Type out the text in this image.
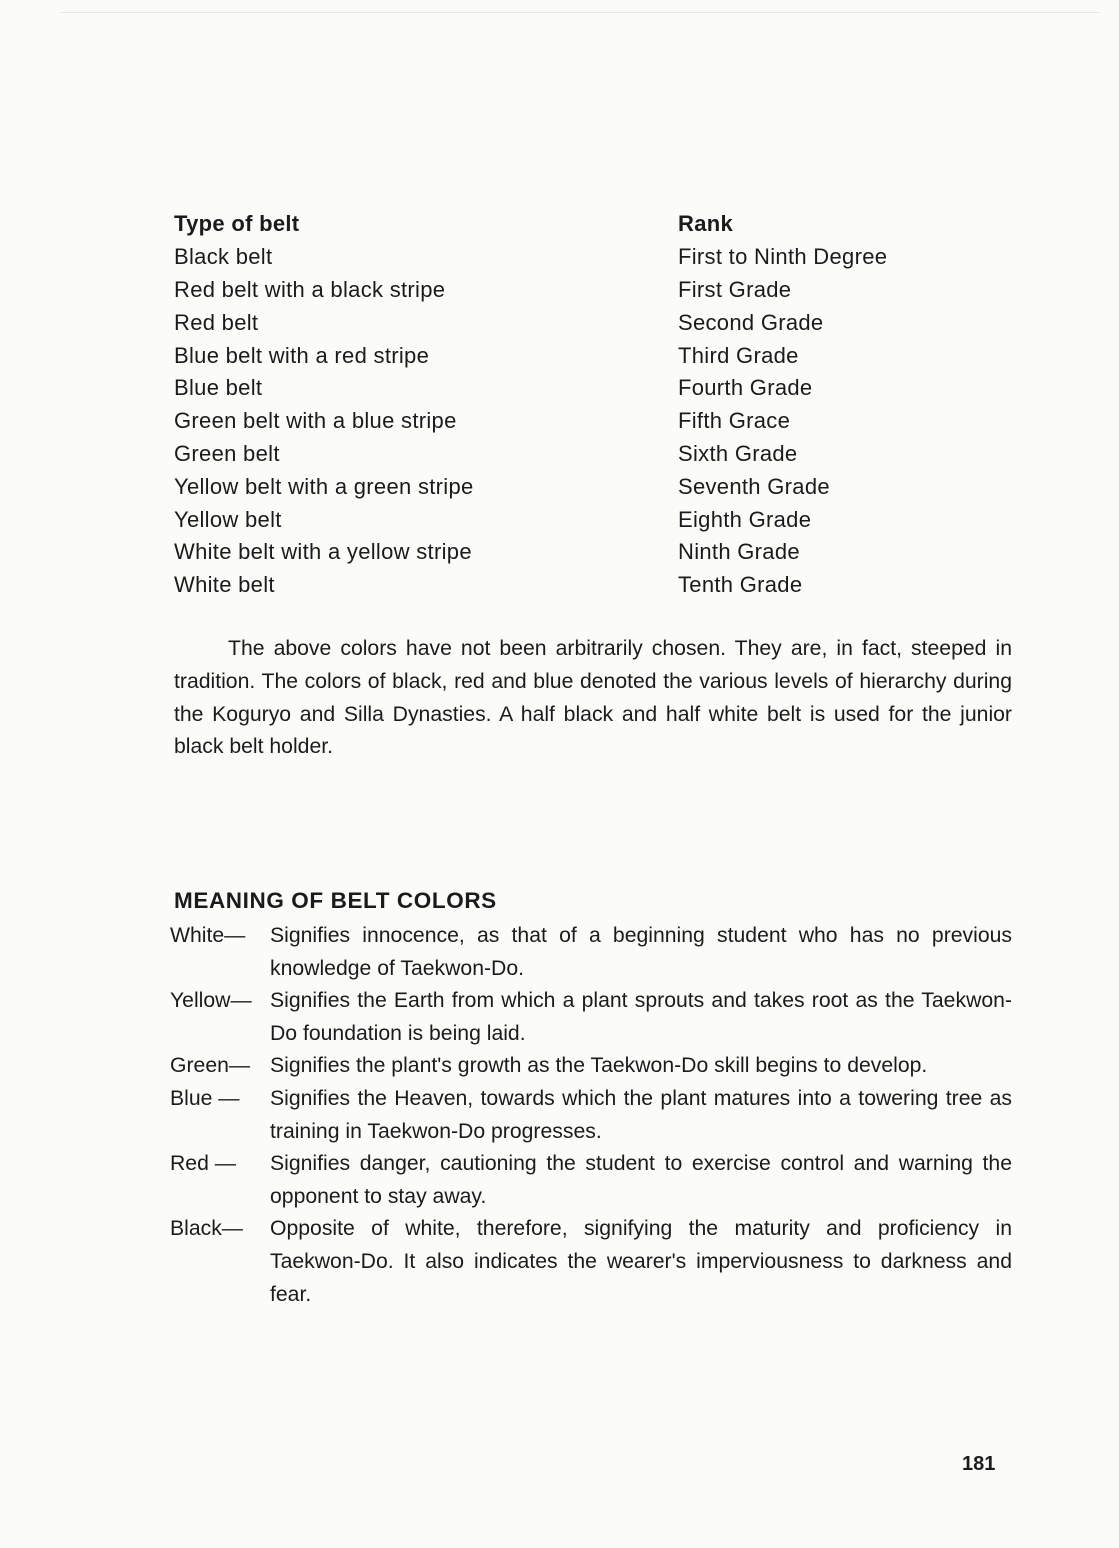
Type of belt	Rank
Black belt	First to Ninth Degree
Red belt with a black stripe	First Grade
Red belt	Second Grade
Blue belt with a red stripe	Third Grade
Blue belt	Fourth Grade
Green belt with a blue stripe	Fifth Grace
Green belt	Sixth Grade
Yellow belt with a green stripe	Seventh Grade
Yellow belt	Eighth Grade
White belt with a yellow stripe	Ninth Grade
White belt	Tenth Grade

The above colors have not been arbitrarily chosen. They are, in fact, steeped in tradition. The colors of black, red and blue denoted the various levels of hierarchy during the Koguryo and Silla Dynasties. A half black and half white belt is used for the junior black belt holder.

MEANING OF BELT COLORS
White—	Signifies innocence, as that of a beginning student who has no previous knowledge of Taekwon-Do.
Yellow— Signifies the Earth from which a plant sprouts and takes root as the Taekwon-Do foundation is being laid.
Green— Signifies the plant's growth as the Taekwon-Do skill begins to develop.
Blue —	Signifies the Heaven, towards which the plant matures into a towering tree as training in Taekwon-Do progresses.
Red —	Signifies danger, cautioning the student to exercise control and warning the opponent to stay away.
Black—	Opposite of white, therefore, signifying the maturity and proficiency in Taekwon-Do. It also indicates the wearer's imperviousness to darkness and fear.

181
